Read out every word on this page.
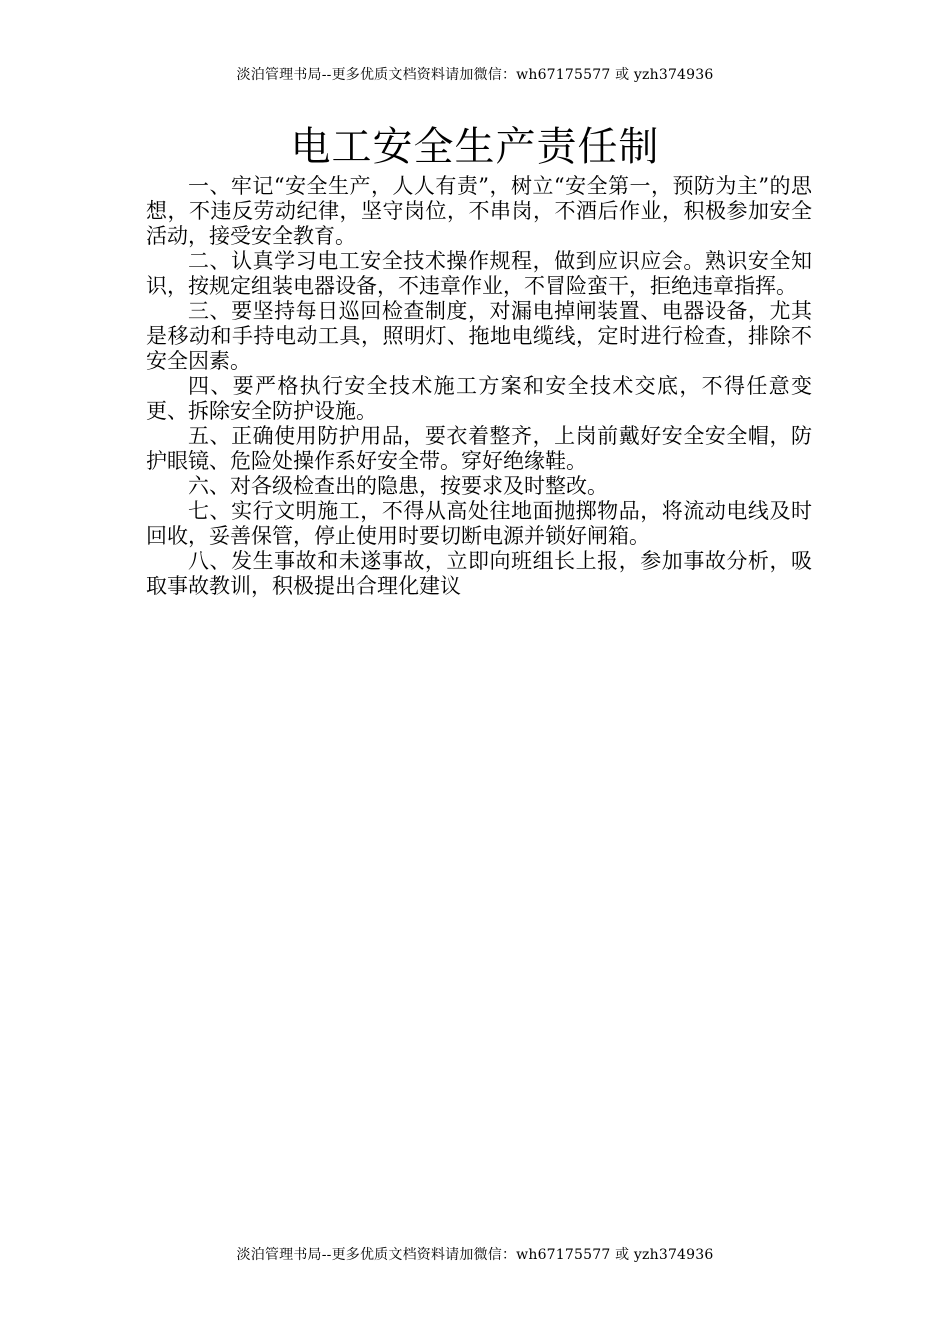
淡泊管理书局--更多优质文档资料请加微信：wh67175577 或 yzh374936
电工安全生产责任制

一、牢记“安全生产，人人有责”，树立“安全第一，预防为主”的思想，不违反劳动纪律，坚守岗位，不串岗，不酒后作业，积极参加安全活动，接受安全教育。

二、认真学习电工安全技术操作规程，做到应识应会。熟识安全知识，按规定组装电器设备，不违章作业，不冒险蛮干，拒绝违章指挥。

三、要坚持每日巡回检查制度，对漏电掉闸装置、电器设备，尤其是移动和手持电动工具，照明灯、拖地电缆线，定时进行检查，排除不安全因素。

四、要严格执行安全技术施工方案和安全技术交底，不得任意变更、拆除安全防护设施。

五、正确使用防护用品，要衣着整齐，上岗前戴好安全安全帽，防护眼镜、危险处操作系好安全带。穿好绝缘鞋。

六、对各级检查出的隐患，按要求及时整改。

七、实行文明施工，不得从高处往地面抛掷物品，将流动电线及时回收，妥善保管，停止使用时要切断电源并锁好闸箱。

八、发生事故和未遂事故，立即向班组长上报，参加事故分析，吸取事故教训，积极提出合理化建议

淡泊管理书局--更多优质文档资料请加微信：wh67175577 或 yzh374936
